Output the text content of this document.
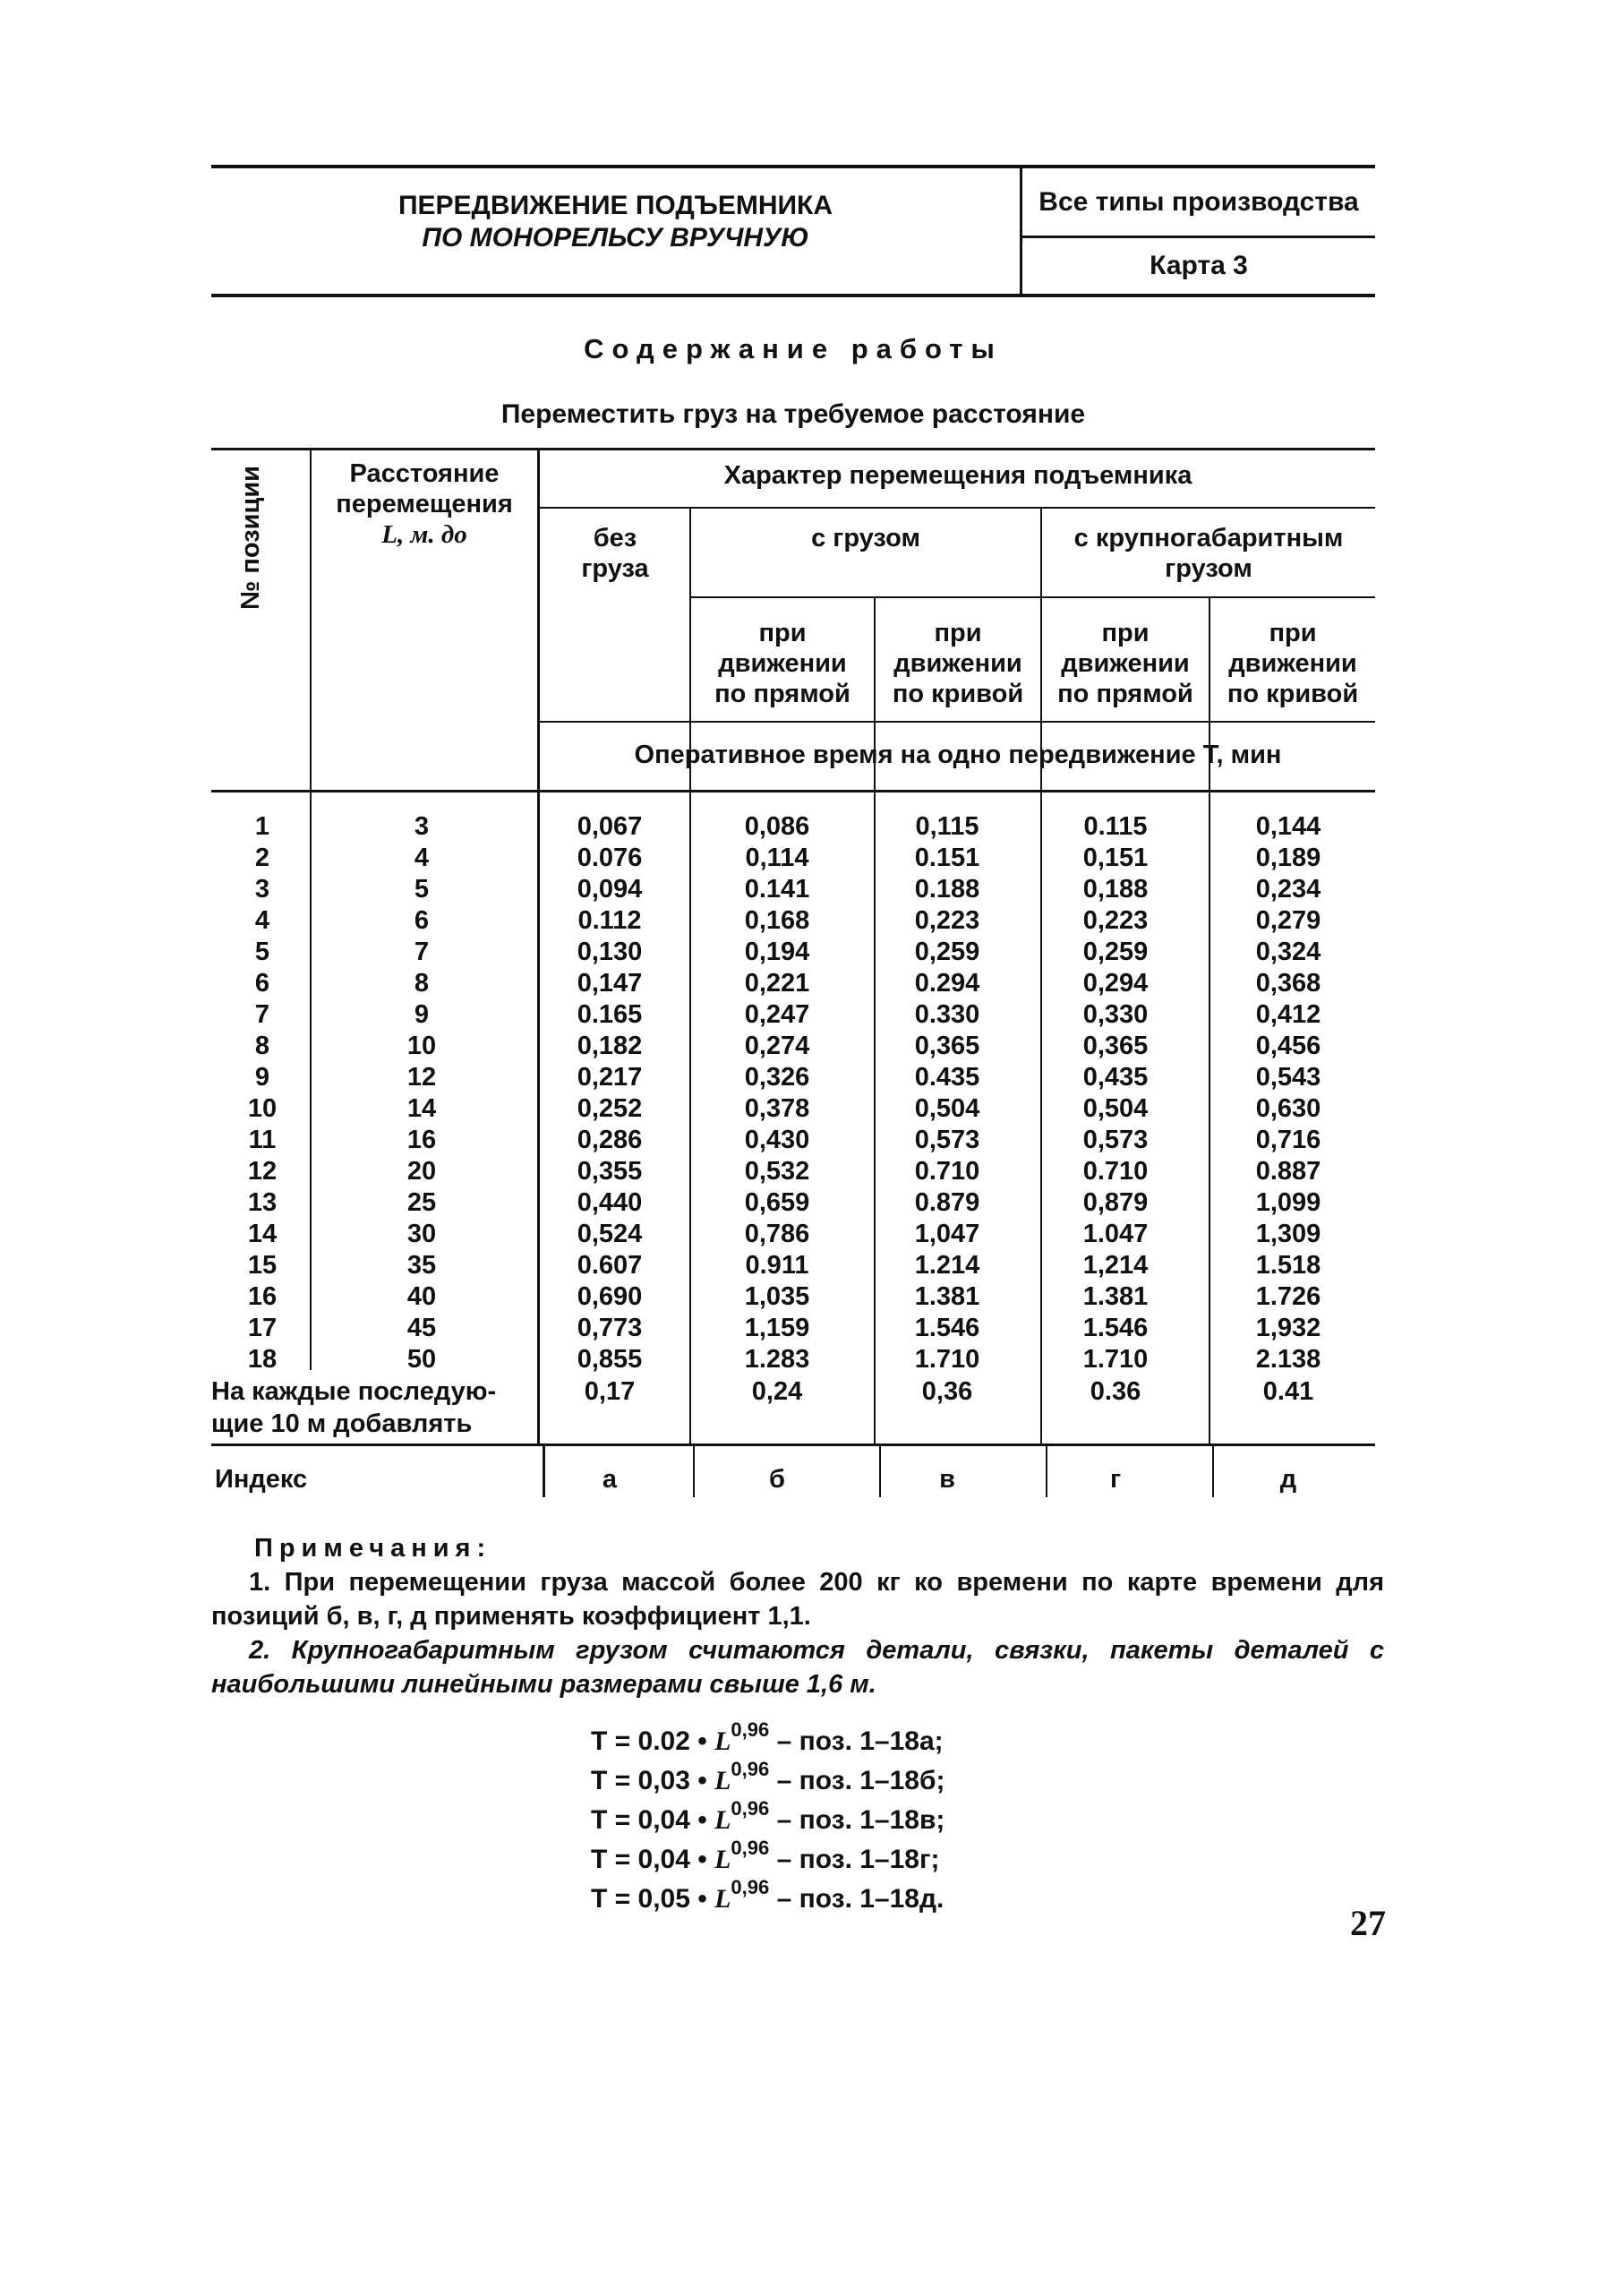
ПЕРЕДВИЖЕНИЕ ПОДЪЕМНИКА
ПО МОНОРЕЛЬСУ ВРУЧНУЮ
Все типы производства
Карта 3
Содержание работы
Переместить груз на требуемое расстояние
№ позиции	Расстояние
перемещения
L, м. до
Характер перемещения подъемника
без
груза
с грузом	с крупногабаритным
грузом
при
движении
по прямой
при
движении
по кривой
при
движении
по прямой
при
движении
по кривой
Оперативное время на одно передвижение Т, мин
1	3	0,067	0,086	0,115	0.115	0,144
2	4	0.076	0,114	0.151	0,151	0,189
3	5	0,094	0.141	0.188	0,188	0,234
4	6	0.112	0,168	0,223	0,223	0,279
5	7	0,130	0,194	0,259	0,259	0,324
6	8	0,147	0,221	0.294	0,294	0,368
7	9	0.165	0,247	0.330	0,330	0,412
8	10	0,182	0,274	0,365	0,365	0,456
9	12	0,217	0,326	0.435	0,435	0,543
10	14	0,252	0,378	0,504	0,504	0,630
11	16	0,286	0,430	0,573	0,573	0,716
12	20	0,355	0,532	0.710	0.710	0.887
13	25	0,440	0,659	0.879	0,879	1,099
14	30	0,524	0,786	1,047	1.047	1,309
15	35	0.607	0.911	1.214	1,214	1.518
16	40	0,690	1,035	1.381	1.381	1.726
17	45	0,773	1,159	1.546	1.546	1,932
18	50	0,855	1.283	1.710	1.710	2.138
На каждые последую-
щие 10 м добавлять
0,17	0,24	0,36	0.36	0.41
Индекс	а	б	в	г	д
Примечания:

1. При перемещении груза массой более 200 кг ко времени по карте времени для позиций б, в, г, д применять коэффициент 1,1.

2. Крупногабаритным грузом считаются детали, связки, пакеты деталей с наибольшими линейными размерами свыше 1,6 м.

Т = 0.02 • L$^{0,96}$ – поз. 1–18а;
Т = 0,03 • L$^{0,96}$ – поз. 1–18б;
Т = 0,04 • L$^{0,96}$ – поз. 1–18в;
Т = 0,04 • L$^{0,96}$ – поз. 1–18г;
Т = 0,05 • L$^{0,96}$ – поз. 1–18д.
27
